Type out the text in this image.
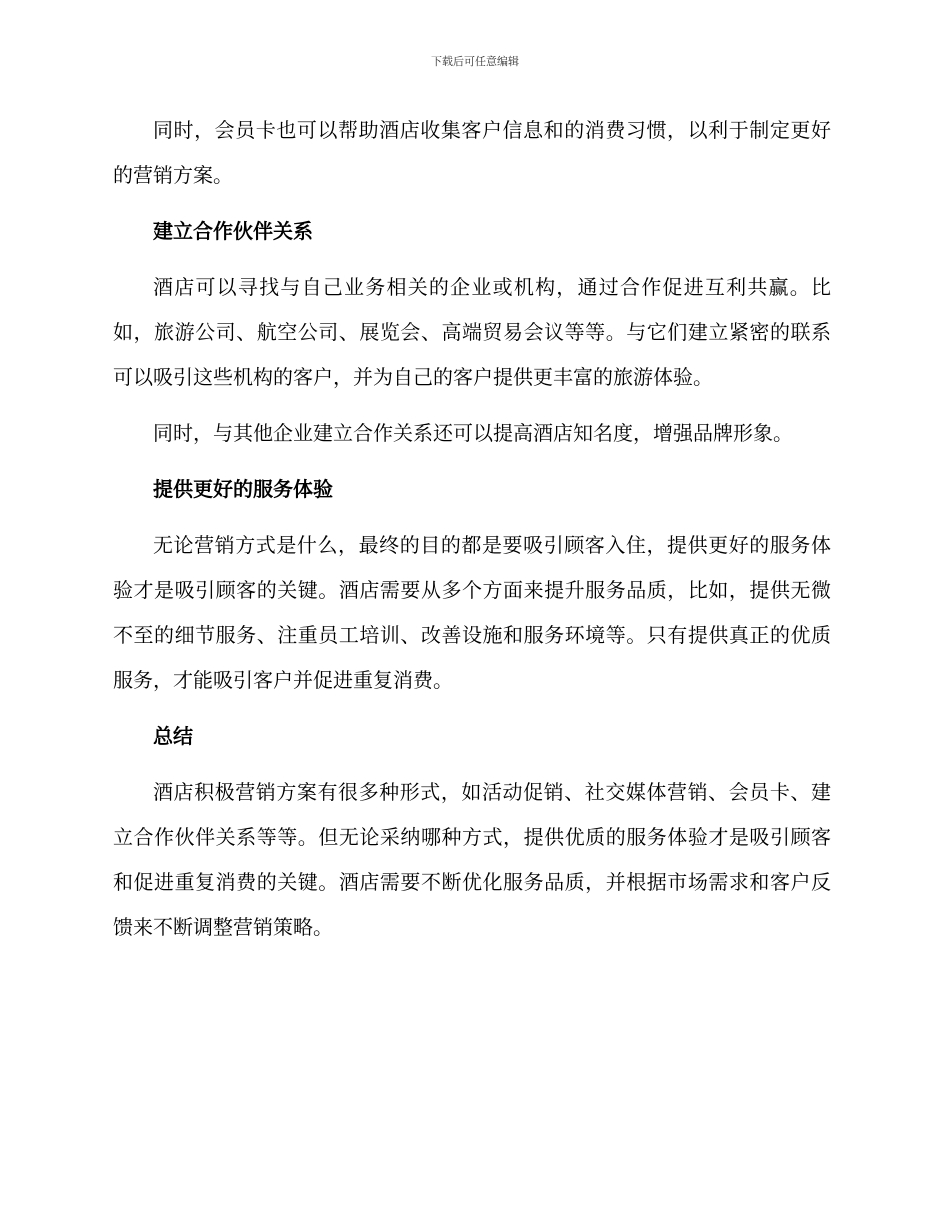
下载后可任意编辑

同时，会员卡也可以帮助酒店收集客户信息和的消费习惯，以利于制定更好的营销方案。

建立合作伙伴关系

酒店可以寻找与自己业务相关的企业或机构，通过合作促进互利共赢。比如，旅游公司、航空公司、展览会、高端贸易会议等等。与它们建立紧密的联系可以吸引这些机构的客户，并为自己的客户提供更丰富的旅游体验。

同时，与其他企业建立合作关系还可以提高酒店知名度，增强品牌形象。

提供更好的服务体验

无论营销方式是什么，最终的目的都是要吸引顾客入住，提供更好的服务体验才是吸引顾客的关键。酒店需要从多个方面来提升服务品质，比如，提供无微不至的细节服务、注重员工培训、改善设施和服务环境等。只有提供真正的优质服务，才能吸引客户并促进重复消费。

总结

酒店积极营销方案有很多种形式，如活动促销、社交媒体营销、会员卡、建立合作伙伴关系等等。但无论采纳哪种方式，提供优质的服务体验才是吸引顾客和促进重复消费的关键。酒店需要不断优化服务品质，并根据市场需求和客户反馈来不断调整营销策略。
